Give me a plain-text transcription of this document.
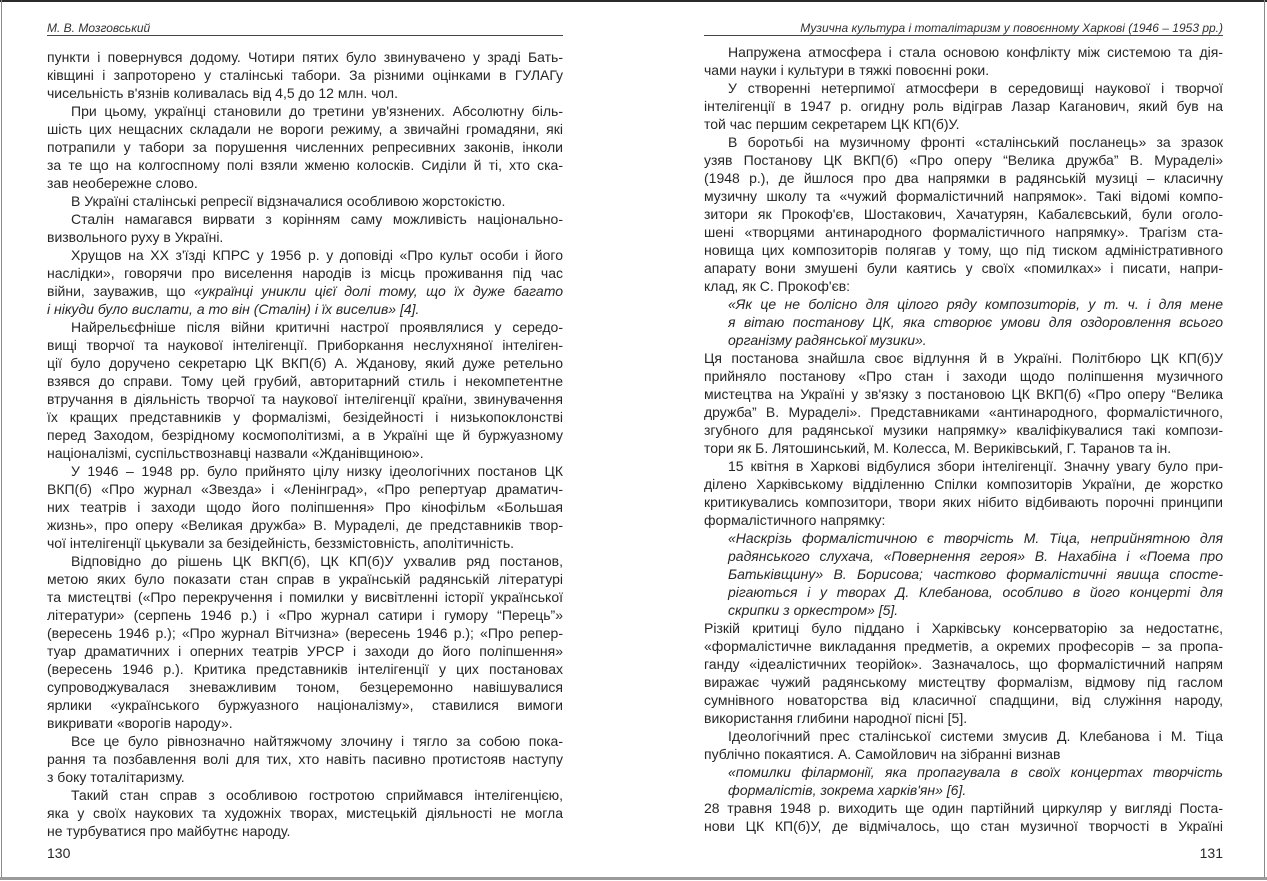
М. В. Мозговський
пункти і повернувся додому. Чотири пятих було звинувачено у зраді Бать-
ківщині і запроторено у сталінські табори. За різними оцінками в ГУЛАГу
чисельність в'язнів коливалась від 4,5 до 12 млн. чол.
При цьому, українці становили до третини ув'язнених. Абсолютну біль-
шість цих нещасних складали не вороги режиму, а звичайні громадяни, які
потрапили у табори за порушення численних репресивних законів, інколи
за те що на колгоспному полі взяли жменю колосків. Сиділи й ті, хто ска-
зав необережне слово.
В Україні сталінські репресії відзначалися особливою жорстокістю.
Сталін намагався вирвати з корінням саму можливість національно-
визвольного руху в Україні.
Хрущов на ХХ з'їзді КПРС у 1956 р. у доповіді «Про культ особи і його
наслідки», говорячи про виселення народів із місць проживання під час
війни, зауважив, що «українці уникли цієї долі тому, що їх дуже багато
і нікуди було вислати, а то він (Сталін) і їх виселив» [4].
Найрельєфніше після війни критичні настрої проявлялися у середо-
вищі творчої та наукової інтелігенції. Приборкання неслухняної інтеліген-
ції було доручено секретарю ЦК ВКП(б) А. Жданову, який дуже ретельно
взявся до справи. Тому цей грубий, авторитарний стиль і некомпетентне
втручання в діяльність творчої та наукової інтелігенції країни, звинувачення
їх кращих представників у формалізмі, безідейності і низькопоклонстві
перед Заходом, безрідному космополітизмі, а в Україні ще й буржуазному
націоналізмі, суспільствознавці назвали «Жданівщиною».
У 1946 – 1948 рр. було прийнято цілу низку ідеологічних постанов ЦК
ВКП(б) «Про журнал «Звезда» і «Ленінград», «Про репертуар драматич-
них театрів і заходи щодо його поліпшення» Про кінофільм «Большая
жизнь», про оперу «Великая дружба» В. Мураделі, де представників твор-
чої інтелігенції цькували за безідейність, беззмістовність, аполітичність.
Відповідно до рішень ЦК ВКП(б), ЦК КП(б)У ухвалив ряд постанов,
метою яких було показати стан справ в українській радянській літературі
та мистецтві («Про перекручення і помилки у висвітленні історії української
літератури» (серпень 1946 р.) і «Про журнал сатири і гумору “Перець”»
(вересень 1946 р.); «Про журнал Вітчизна» (вересень 1946 р.); «Про репер-
туар драматичних і оперних театрів УРСР і заходи до його поліпшення»
(вересень 1946 р.). Критика представників інтелігенції у цих постановах
супроводжувалася зневажливим тоном, безцеремонно навішувалися
ярлики «українського буржуазного націоналізму», ставилися вимоги
викривати «ворогів народу».
Все це було рівнозначно найтяжчому злочину і тягло за собою пока-
рання та позбавлення волі для тих, хто навіть пасивно протистояв наступу
з боку тоталітаризму.
Такий стан справ з особливою гостротою сприймався інтелігенцією,
яка у своїх наукових та художніх творах, мистецькій діяльності не могла
не турбуватися про майбутнє народу.
130
Музична культура і тоталітаризм у повоєнному Харкові (1946 – 1953 рр.)
Напружена атмосфера і стала основою конфлікту між системою та дія-
чами науки і культури в тяжкі повоєнні роки.
У створенні нетерпимої атмосфери в середовищі наукової і творчої
інтелігенції в 1947 р. огидну роль відіграв Лазар Каганович, який був на
той час першим секретарем ЦК КП(б)У.
В боротьбі на музичному фронті «сталінський посланець» за зразок
узяв Постанову ЦК ВКП(б) «Про оперу “Велика дружба” В. Мураделі»
(1948 р.), де йшлося про два напрямки в радянській музиці – класичну
музичну школу та «чужий формалістичний напрямок». Такі відомі компо-
зитори як Прокоф'єв, Шостакович, Хачатурян, Кабалєвський, були оголо-
шені «творцями антинародного формалістичного напрямку». Трагізм ста-
новища цих композиторів полягав у тому, що під тиском адміністративного
апарату вони змушені були каятись у своїх «помилках» і писати, напри-
клад, як С. Прокоф'єв:
«Як це не болісно для цілого ряду композиторів, у т. ч. і для мене
я вітаю постанову ЦК, яка створює умови для оздоровлення всього
організму радянської музики».
Ця постанова знайшла своє відлуння й в Україні. Політбюро ЦК КП(б)У
прийняло постанову «Про стан і заходи щодо поліпшення музичного
мистецтва на Україні у зв'язку з постановою ЦК ВКП(б) «Про оперу “Велика
дружба” В. Мураделі». Представниками «антинародного, формалістичного,
згубного для радянської музики напрямку» кваліфікувалися такі компози-
тори як Б. Лятошинський, М. Колесса, М. Вериківський, Г. Таранов та ін.
15 квітня в Харкові відбулися збори інтелігенції. Значну увагу було при-
ділено Харківському відділенню Спілки композиторів України, де жорстко
критикувались композитори, твори яких нібито відбивають порочні принципи
формалістичного напрямку:
«Наскрізь формалістичною є творчість М. Тіца, неприйнятною для
радянського слухача, «Повернення героя» В. Нахабіна і «Поема про
Батьківщину» В. Борисова; частково формалістичні явища спосте-
рігаються і у творах Д. Клебанова, особливо в його концерті для
скрипки з оркестром» [5].
Різкій критиці було піддано і Харківську консерваторію за недостатнє,
«формалістичне викладання предметів, а окремих професорів – за пропа-
ганду «ідеалістичних теорійок». Зазначалось, що формалістичний напрям
виражає чужий радянському мистецтву формалізм, відмову під гаслом
сумнівного новаторства від класичної спадщини, від служіння народу,
використання глибини народної пісні [5].
Ідеологічний прес сталінської системи змусив Д. Клебанова і М. Тіца
публічно покаятися. А. Самойлович на зібранні визнав
«помилки філармонії, яка пропагувала в своїх концертах творчість
формалістів, зокрема харків'ян» [6].
28 травня 1948 р. виходить ще один партійний циркуляр у вигляді Поста-
нови ЦК КП(б)У, де відмічалось, що стан музичної творчості в Україні
131
